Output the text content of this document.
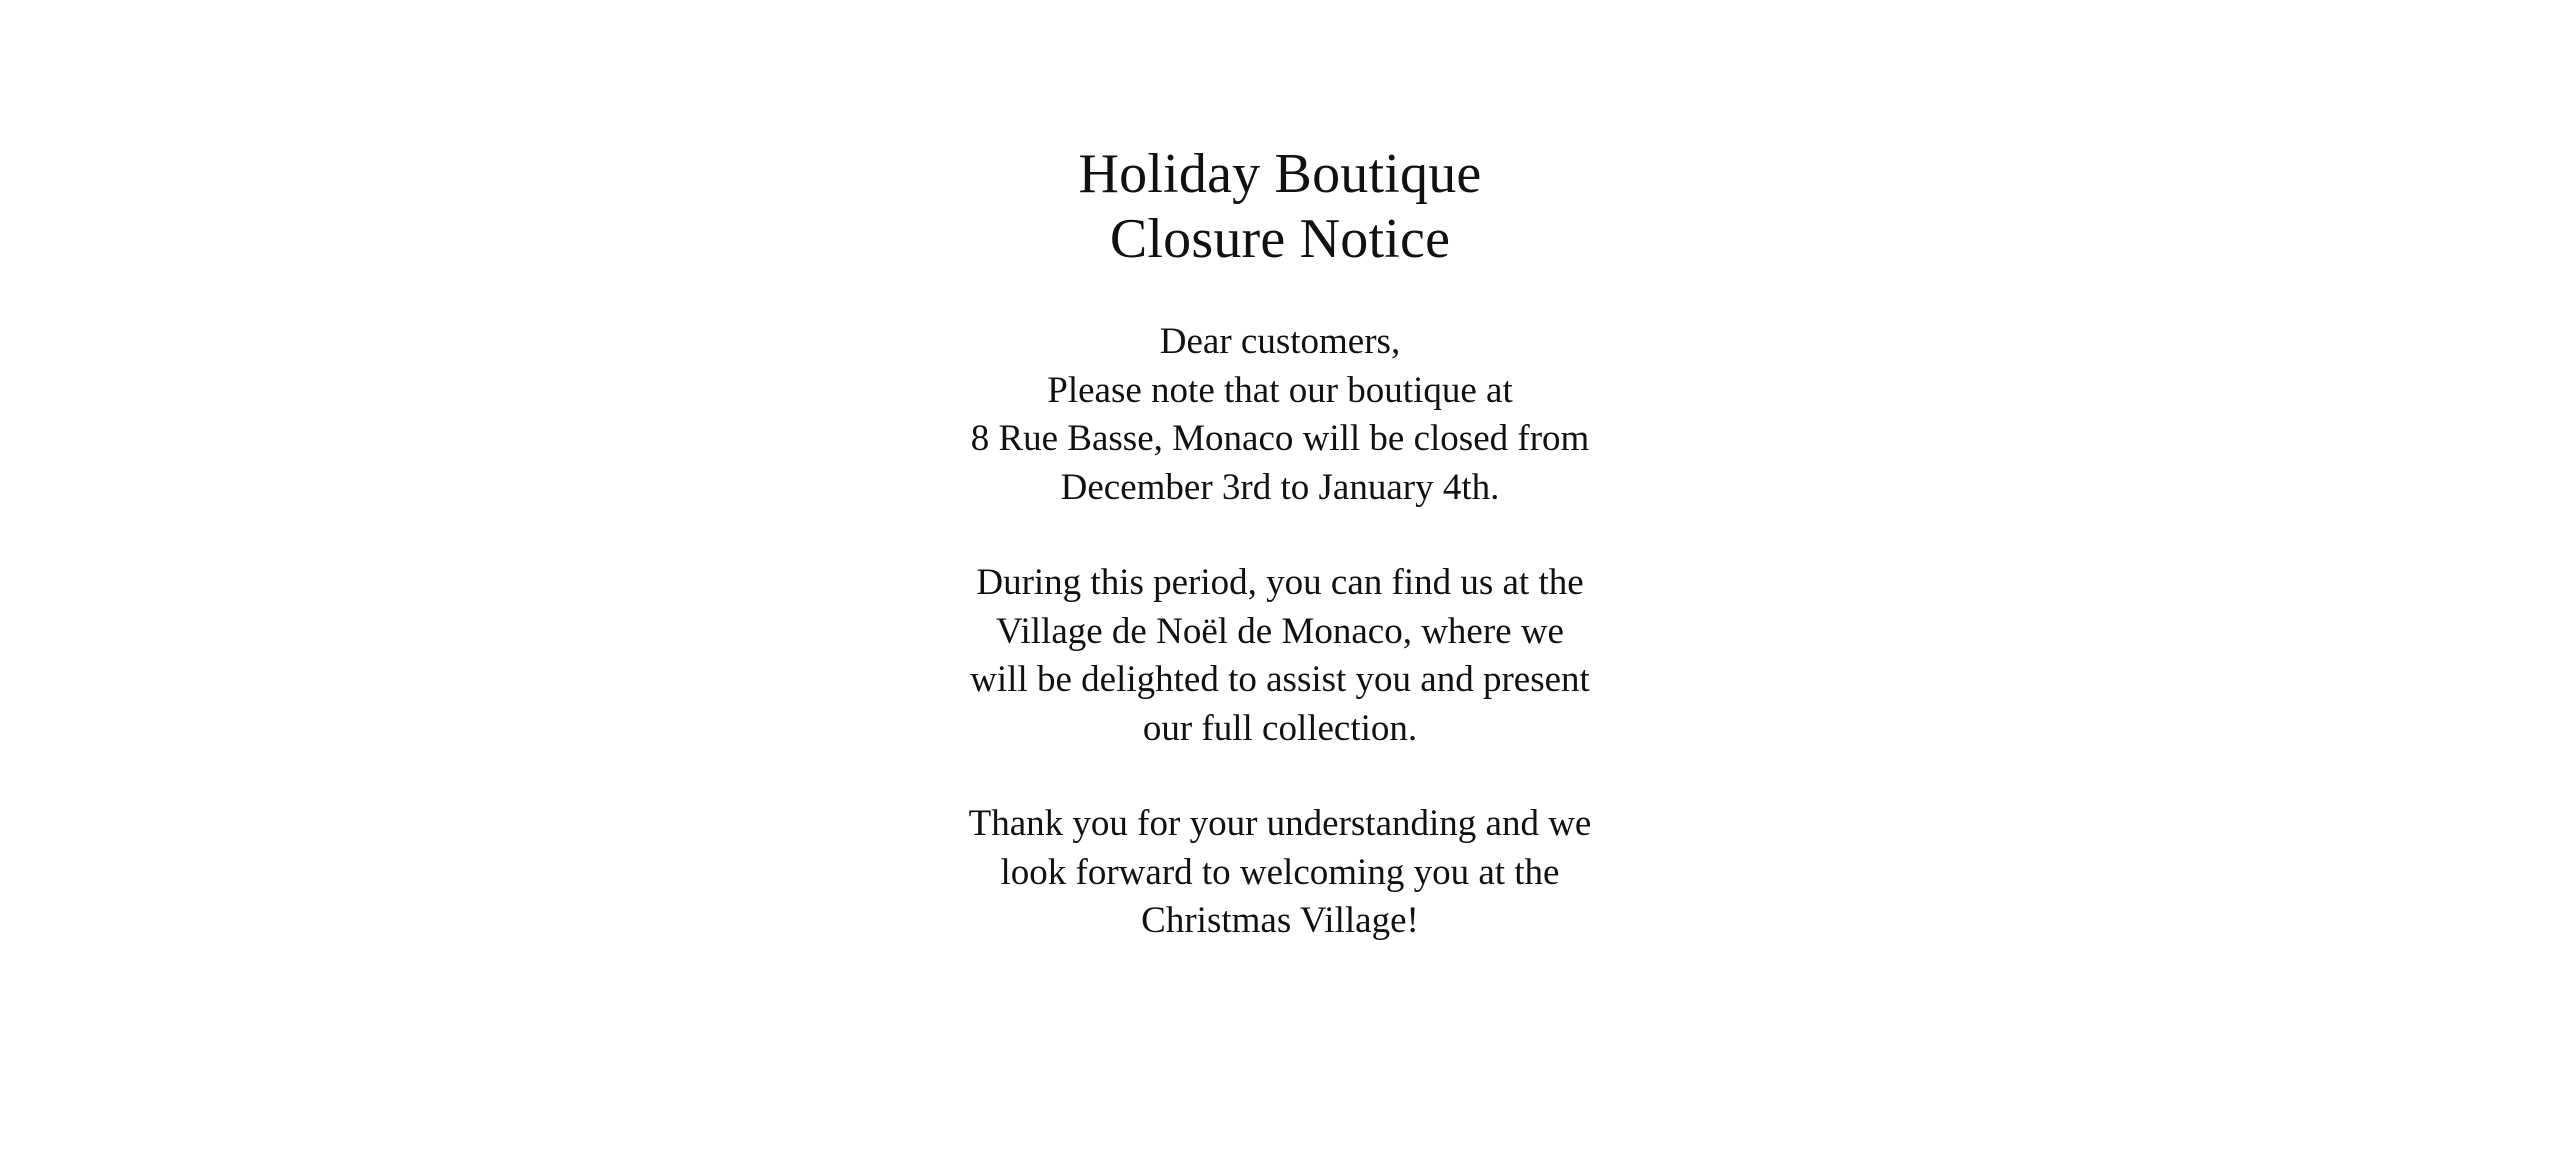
Holiday Boutique
Closure Notice

Dear customers,
Please note that our boutique at
8 Rue Basse, Monaco will be closed from
December 3rd to January 4th.

During this period, you can find us at the
Village de Noël de Monaco, where we
will be delighted to assist you and present
our full collection.

Thank you for your understanding and we
look forward to welcoming you at the
Christmas Village!
